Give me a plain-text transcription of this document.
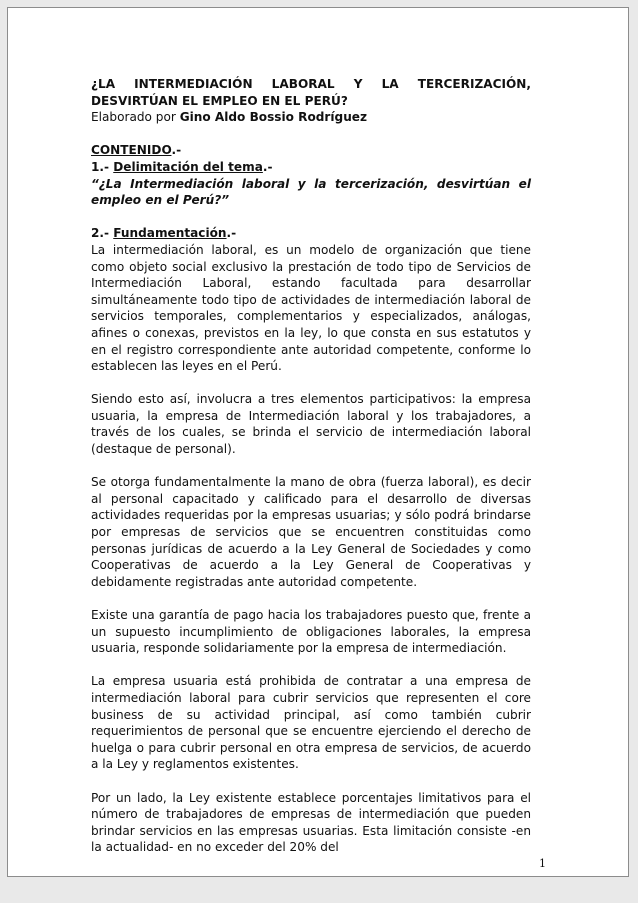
¿LA INTERMEDIACIÓN LABORAL Y LA TERCERIZACIÓN,
DESVIRTÚAN EL EMPLEO EN EL PERÚ?
Elaborado por Gino Aldo Bossio Rodríguez
CONTENIDO.-
1.- Delimitación del tema.-

“¿La Intermediación laboral y la tercerización, desvirtúan el empleo en el Perú?”

2.- Fundamentación.-

La intermediación laboral, es un modelo de organización que tiene como objeto social exclusivo la prestación de todo tipo de Servicios de Intermediación Laboral, estando facultada para desarrollar simultáneamente todo tipo de actividades de intermediación laboral de servicios temporales, complementarios y especializados, análogas, afines o conexas, previstos en la ley, lo que consta en sus estatutos y en el registro correspondiente ante autoridad competente, conforme lo establecen las leyes en el Perú.

Siendo esto así, involucra a tres elementos participativos: la empresa usuaria, la empresa de Intermediación laboral y los trabajadores, a través de los cuales, se brinda el servicio de intermediación laboral (destaque de personal).

Se otorga fundamentalmente la mano de obra (fuerza laboral), es decir al personal capacitado y calificado para el desarrollo de diversas actividades requeridas por la empresas usuarias; y sólo podrá brindarse por empresas de servicios que se encuentren constituidas como personas jurídicas de acuerdo a la Ley General de Sociedades y como Cooperativas de acuerdo a la Ley General de Cooperativas y debidamente registradas ante autoridad competente.

Existe una garantía de pago hacia los trabajadores puesto que, frente a un supuesto incumplimiento de obligaciones laborales, la empresa usuaria, responde solidariamente por la empresa de intermediación.

La empresa usuaria está prohibida de contratar a una empresa de intermediación laboral para cubrir servicios que representen el core business de su actividad principal, así como también cubrir requerimientos de personal que se encuentre ejerciendo el derecho de huelga o para cubrir personal en otra empresa de servicios, de acuerdo a la Ley y reglamentos existentes.

Por un lado, la Ley existente establece porcentajes limitativos para el número de trabajadores de empresas de intermediación que pueden brindar servicios en las empresas usuarias. Esta limitación consiste -en la actualidad- en no exceder del 20% del

1
